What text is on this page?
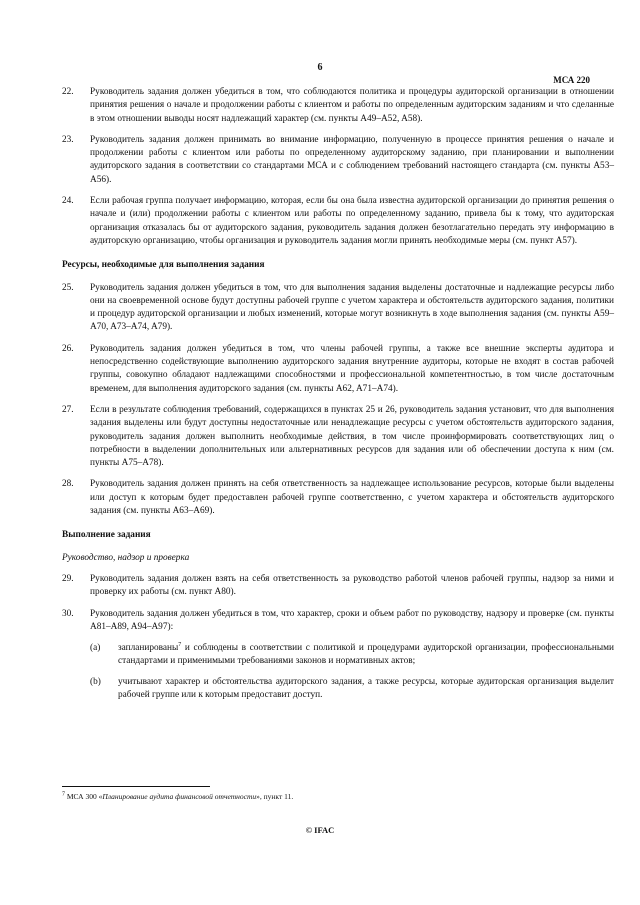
6
МСА 220
22.	Руководитель задания должен убедиться в том, что соблюдаются политика и процедуры аудиторской организации в отношении принятия решения о начале и продолжении работы с клиентом и работы по определенным аудиторским заданиям и что сделанные в этом отношении выводы носят надлежащий характер (см. пункты A49–A52, A58).
23.	Руководитель задания должен принимать во внимание информацию, полученную в процессе принятия решения о начале и продолжении работы с клиентом или работы по определенному аудиторскому заданию, при планировании и выполнении аудиторского задания в соответствии со стандартами МСА и с соблюдением требований настоящего стандарта (см. пункты A53– A56).
24.	Если рабочая группа получает информацию, которая, если бы она была известна аудиторской организации до принятия решения о начале и (или) продолжении работы с клиентом или работы по определенному заданию, привела бы к тому, что аудиторская организация отказалась бы от аудиторского задания, руководитель задания должен безотлагательно передать эту информацию в аудиторскую организацию, чтобы организация и руководитель задания могли принять необходимые меры (см. пункт A57).
Ресурсы, необходимые для выполнения задания
25.	Руководитель задания должен убедиться в том, что для выполнения задания выделены достаточные и надлежащие ресурсы либо они на своевременной основе будут доступны рабочей группе с учетом характера и обстоятельств аудиторского задания, политики и процедур аудиторской организации и любых изменений, которые могут возникнуть в ходе выполнения задания (см. пункты A59–A70, A73–A74, A79).
26.	Руководитель задания должен убедиться в том, что члены рабочей группы, а также все внешние эксперты аудитора и непосредственно содействующие выполнению аудиторского задания внутренние аудиторы, которые не входят в состав рабочей группы, совокупно обладают надлежащими способностями и профессиональной компетентностью, в том числе достаточным временем, для выполнения аудиторского задания (см. пункты A62, A71–A74).
27.	Если в результате соблюдения требований, содержащихся в пунктах 25 и 26, руководитель задания установит, что для выполнения задания выделены или будут доступны недостаточные или ненадлежащие ресурсы с учетом обстоятельств аудиторского задания, руководитель задания должен выполнить необходимые действия, в том числе проинформировать соответствующих лиц о потребности в выделении дополнительных или альтернативных ресурсов для задания или об обеспечении доступа к ним (см. пункты A75–A78).
28.	Руководитель задания должен принять на себя ответственность за надлежащее использование ресурсов, которые были выделены или доступ к которым будет предоставлен рабочей группе соответственно, с учетом характера и обстоятельств аудиторского задания (см. пункты A63–A69).
Выполнение задания
Руководство, надзор и проверка
29.	Руководитель задания должен взять на себя ответственность за руководство работой членов рабочей группы, надзор за ними и проверку их работы (см. пункт A80).
30.	Руководитель задания должен убедиться в том, что характер, сроки и объем работ по руководству, надзору и проверке (см. пункты A81–A89, A94–A97):
(a)	запланированы$^7$ и соблюдены в соответствии с политикой и процедурами аудиторской организации, профессиональными стандартами и применимыми требованиями законов и нормативных актов;
(b)	учитывают характер и обстоятельства аудиторского задания, а также ресурсы, которые аудиторская организация выделит рабочей группе или к которым предоставит доступ.
$^7$ МСА 300 «Планирование аудита финансовой отчетности», пункт 11.
© IFAC
